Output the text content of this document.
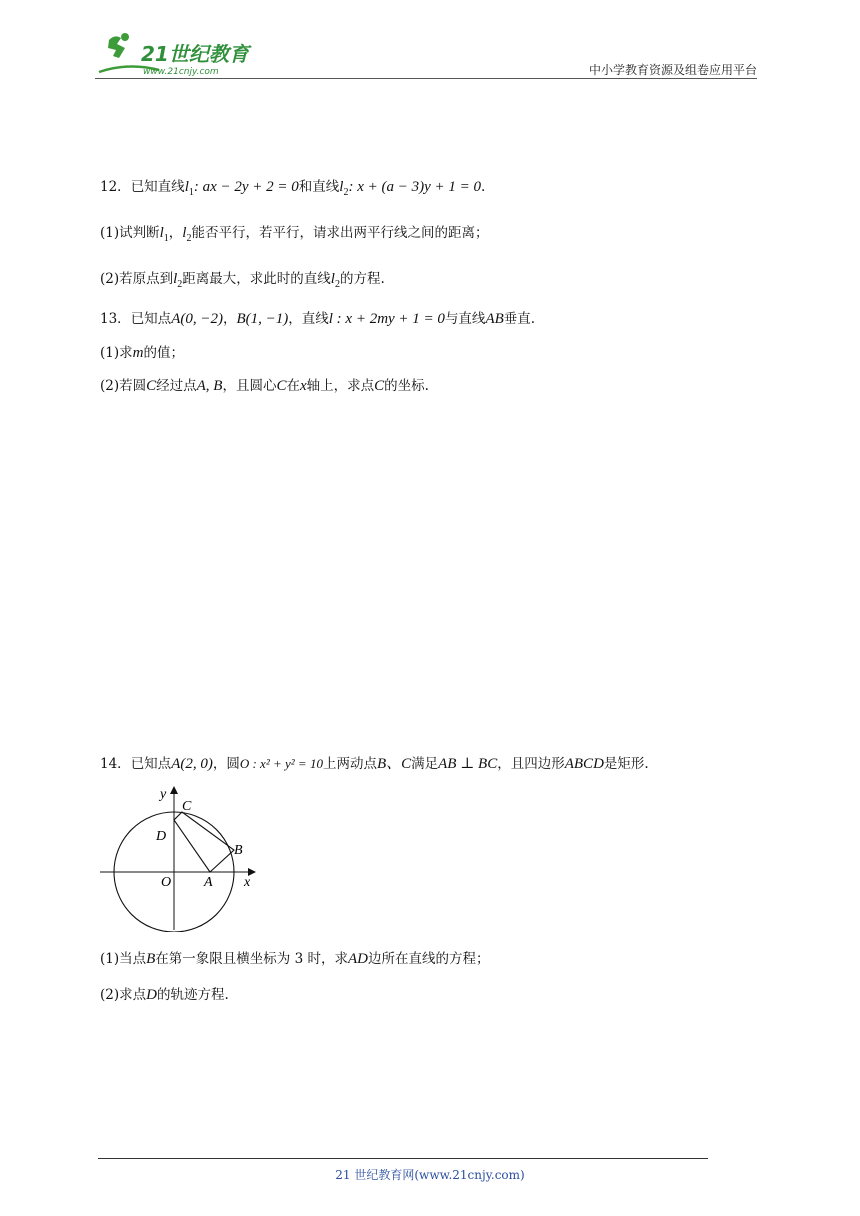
21世纪教育
www.21cnjy.com	中小学教育资源及组卷应用平台
12．已知直线$l_1$: ax − 2y + 2 = 0和直线$l_2$: x + (a − 3)y + 1 = 0.
(1)试判断$l_1$，$l_2$能否平行，若平行，请求出两平行线之间的距离；
(2)若原点到$l_2$距离最大，求此时的直线$l_2$的方程.
13．已知点A(0, −2)，B(1, −1)，直线l : x + 2my + 1 = 0与直线AB垂直.
(1)求m的值；
(2)若圆C经过点A, B，且圆心C在x轴上，求点C的坐标.
14．已知点A(2, 0)，圆O : x² + y² = 10上两动点B、C满足AB ⊥ BC，且四边形ABCD是矩形.
y
x
O A
B
C
D
(1)当点B在第一象限且横坐标为 3 时，求AD边所在直线的方程；
(2)求点D的轨迹方程.
21 世纪教育网(www.21cnjy.com)
